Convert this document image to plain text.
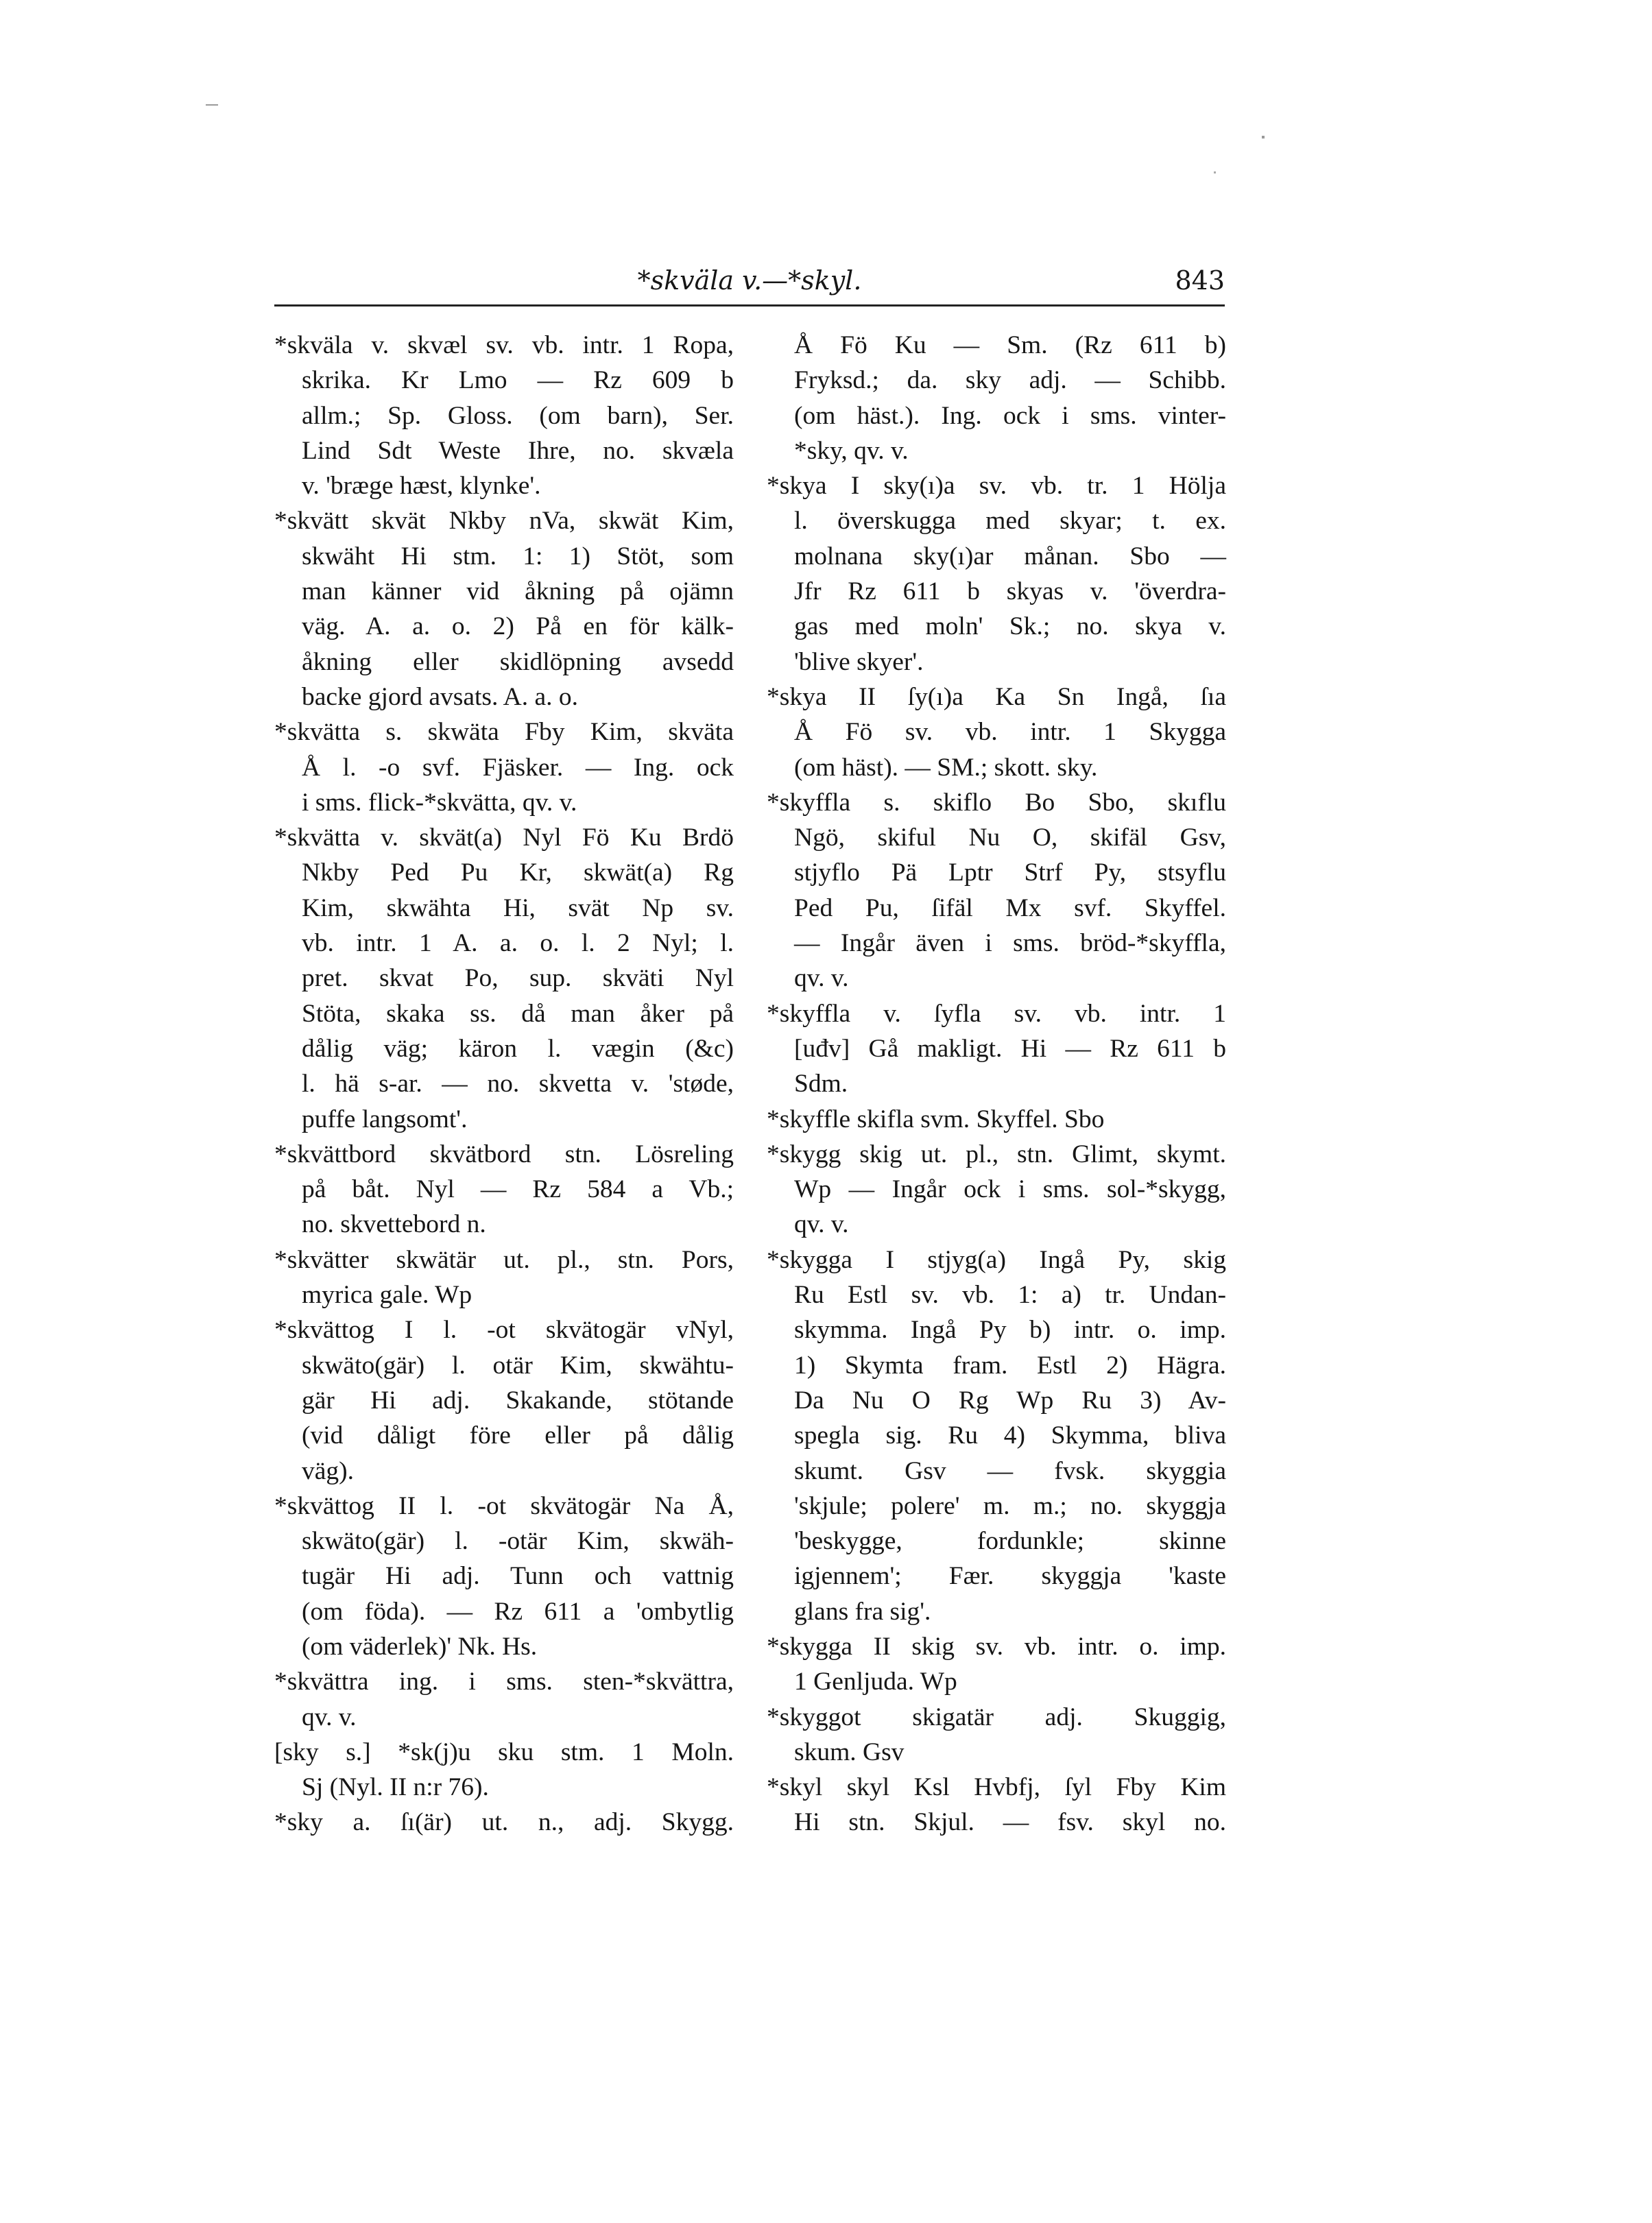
*skväla v.—*skyl.	843
*skväla v. skvæl sv. vb. intr. 1 Ropa,
skrika. Kr Lmo — Rz 609 b
allm.; Sp. Gloss. (om barn), Ser.
Lind Sdt Weste Ihre, no. skvæla
v. 'bræge hæst, klynke'.
*skvätt skvät Nkby nVa, skwät Kim,
skwäht Hi stm. 1: 1) Stöt, som
man känner vid åkning på ojämn
väg. A. a. o. 2) På en för kälk-
åkning eller skidlöpning avsedd
backe gjord avsats. A. a. o.
*skvätta s. skwäta Fby Kim, skväta
Å l. -o svf. Fjäsker. — Ing. ock
i sms. flick-*skvätta, qv. v.
*skvätta v. skvät(a) Nyl Fö Ku Brdö
Nkby Ped Pu Kr, skwät(a) Rg
Kim, skwähta Hi, svät Np sv.
vb. intr. 1 A. a. o. l. 2 Nyl; l.
pret. skvat Po, sup. skväti Nyl
Stöta, skaka ss. då man åker på
dålig väg; käron l. vægin (&c)
l. hä s-ar. — no. skvetta v. 'støde,
puffe langsomt'.
*skvättbord skvätbord stn. Lösreling
på båt. Nyl — Rz 584 a Vb.;
no. skvettebord n.
*skvätter skwätär ut. pl., stn. Pors,
myrica gale. Wp
*skvättog I l. -ot skvätogär vNyl,
skwäto(gär) l. otär Kim, skwähtu-
gär Hi adj. Skakande, stötande
(vid dåligt före eller på dålig
väg).
*skvättog II l. -ot skvätogär Na Å,
skwäto(gär) l. -otär Kim, skwäh-
tugär Hi adj. Tunn och vattnig
(om föda). — Rz 611 a 'ombytlig
(om väderlek)' Nk. Hs.
*skvättra ing. i sms. sten-*skvättra,
qv. v.
[sky s.] *sk(j)u sku stm. 1 Moln.
Sj (Nyl. II n:r 76).
*sky a. ſı(är) ut. n., adj. Skygg.
Å Fö Ku — Sm. (Rz 611 b)
Fryksd.; da. sky adj. — Schibb.
(om häst.). Ing. ock i sms. vinter-
*sky, qv. v.
*skya I sky(ı)a sv. vb. tr. 1 Hölja
l. överskugga med skyar; t. ex.
molnana sky(ı)ar månan. Sbo —
Jfr Rz 611 b skyas v. 'överdra-
gas med moln' Sk.; no. skya v.
'blive skyer'.
*skya II ſy(ı)a Ka Sn Ingå, ſıa
Å Fö sv. vb. intr. 1 Skygga
(om häst). — SM.; skott. sky.
*skyffla s. skiflo Bo Sbo, skıflu
Ngö, skiful Nu O, skifäl Gsv,
stjyflo Pä Lptr Strf Py, stsyflu
Ped Pu, ſifäl Mx svf. Skyffel.
— Ingår även i sms. bröd-*skyffla,
qv. v.
*skyffla v. ſyfla sv. vb. intr. 1
[uđv] Gå makligt. Hi — Rz 611 b
Sdm.
*skyffle skifla svm. Skyffel. Sbo
*skygg skig ut. pl., stn. Glimt, skymt.
Wp — Ingår ock i sms. sol-*skygg,
qv. v.
*skygga I stjyg(a) Ingå Py, skig
Ru Estl sv. vb. 1: a) tr. Undan-
skymma. Ingå Py b) intr. o. imp.
1) Skymta fram. Estl 2) Hägra.
Da Nu O Rg Wp Ru 3) Av-
spegla sig. Ru 4) Skymma, bliva
skumt. Gsv — fvsk. skyggia
'skjule; polere' m. m.; no. skyggja
'beskygge, fordunkle; skinne
igjennem'; Fær. skyggja 'kaste
glans fra sig'.
*skygga II skig sv. vb. intr. o. imp.
1 Genljuda. Wp
*skyggot skigatär adj. Skuggig,
skum. Gsv
*skyl skyl Ksl Hvbfj, ſyl Fby Kim
Hi stn. Skjul. — fsv. skyl no.
